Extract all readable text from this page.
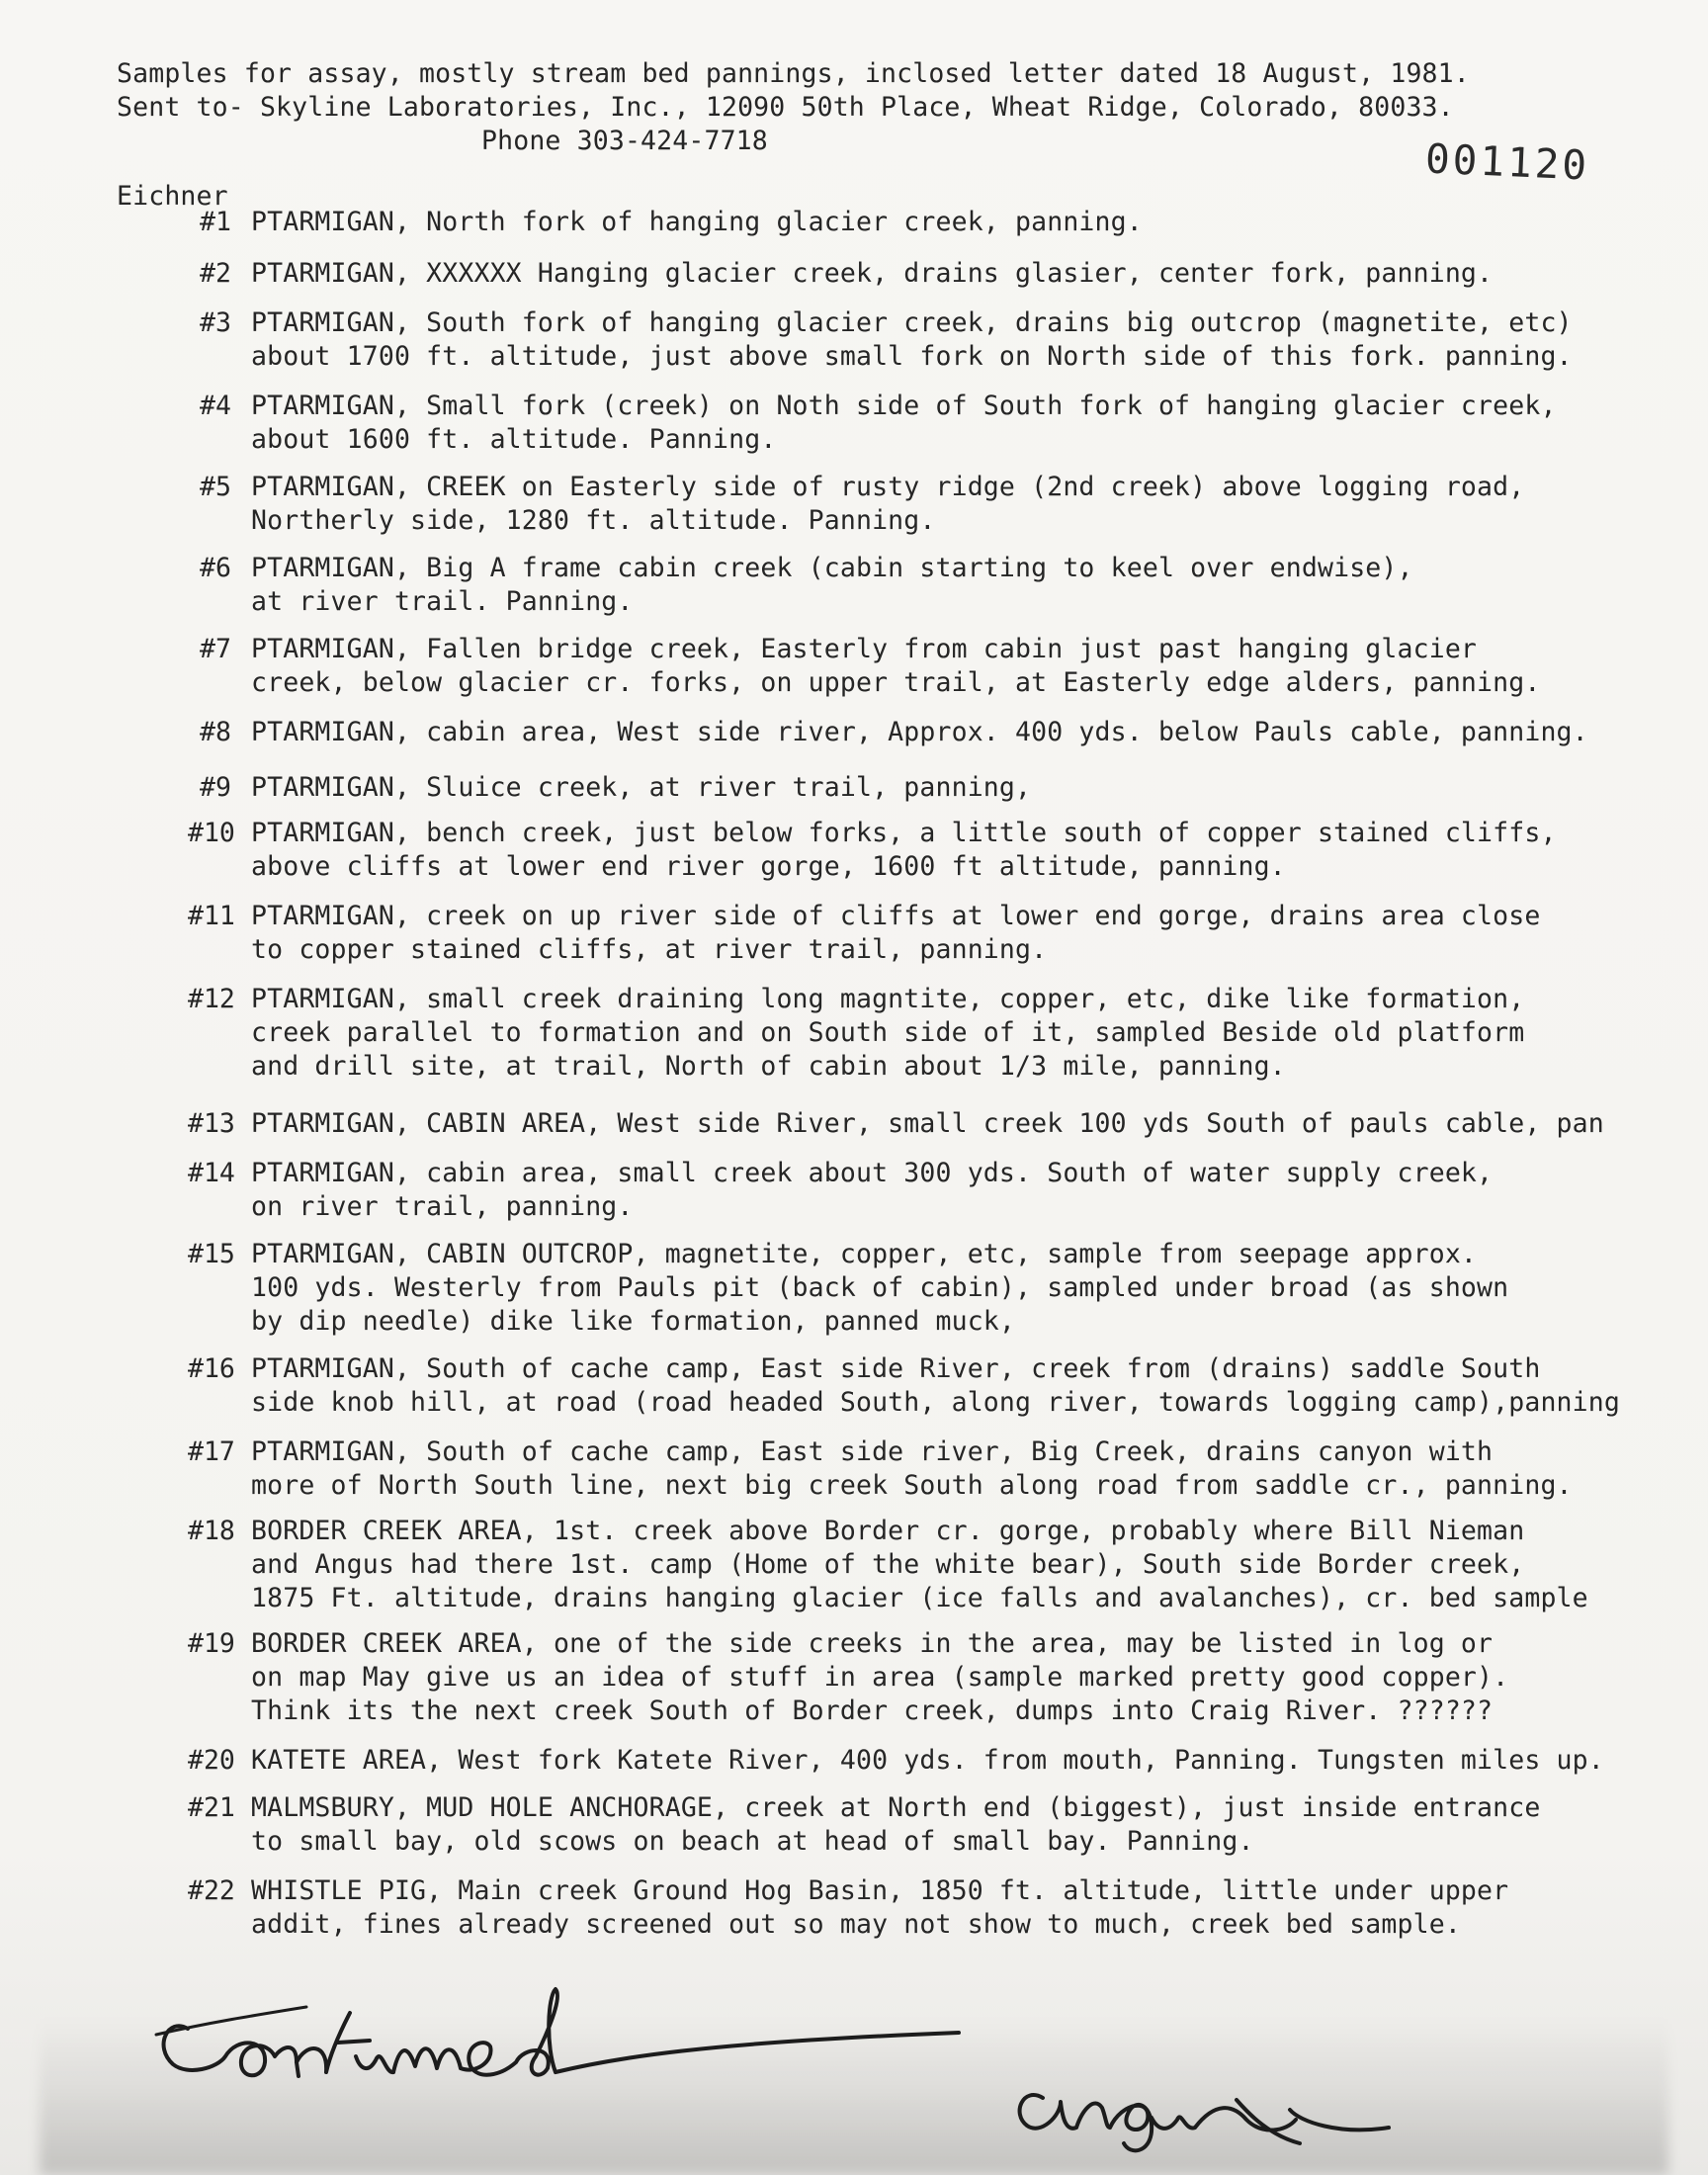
Samples for assay, mostly stream bed pannings, inclosed letter dated 18 August, 1981.
Sent to- Skyline Laboratories, Inc., 12090 50th Place, Wheat Ridge, Colorado, 80033.
Phone 303-424-7718	001120
Eichner
#1 PTARMIGAN, North fork of hanging glacier creek, panning.
#2 PTARMIGAN, XXXXXX Hanging glacier creek, drains glasier, center fork, panning.
#3 PTARMIGAN, South fork of hanging glacier creek, drains big outcrop (magnetite, etc)
about 1700 ft. altitude, just above small fork on North side of this fork. panning.
#4 PTARMIGAN, Small fork (creek) on Noth side of South fork of hanging glacier creek,
about 1600 ft. altitude. Panning.
#5 PTARMIGAN, CREEK on Easterly side of rusty ridge (2nd creek) above logging road,
Northerly side, 1280 ft. altitude. Panning.
#6 PTARMIGAN, Big A frame cabin creek (cabin starting to keel over endwise),
at river trail. Panning.
#7 PTARMIGAN, Fallen bridge creek, Easterly from cabin just past hanging glacier
creek, below glacier cr. forks, on upper trail, at Easterly edge alders, panning.
#8 PTARMIGAN, cabin area, West side river, Approx. 400 yds. below Pauls cable, panning.
#9 PTARMIGAN, Sluice creek, at river trail, panning,
#10 PTARMIGAN, bench creek, just below forks, a little south of copper stained cliffs,
above cliffs at lower end river gorge, 1600 ft altitude, panning.
#11 PTARMIGAN, creek on up river side of cliffs at lower end gorge, drains area close
to copper stained cliffs, at river trail, panning.
#12 PTARMIGAN, small creek draining long magntite, copper, etc, dike like formation,
creek parallel to formation and on South side of it, sampled Beside old platform
and drill site, at trail, North of cabin about 1/3 mile, panning.
#13 PTARMIGAN, CABIN AREA, West side River, small creek 100 yds South of pauls cable, pan
#14 PTARMIGAN, cabin area, small creek about 300 yds. South of water supply creek,
on river trail, panning.
#15 PTARMIGAN, CABIN OUTCROP, magnetite, copper, etc, sample from seepage approx.
100 yds. Westerly from Pauls pit (back of cabin), sampled under broad (as shown
by dip needle) dike like formation, panned muck,
#16 PTARMIGAN, South of cache camp, East side River, creek from (drains) saddle South
side knob hill, at road (road headed South, along river, towards logging camp),panning
#17 PTARMIGAN, South of cache camp, East side river, Big Creek, drains canyon with
more of North South line, next big creek South along road from saddle cr., panning.
#18 BORDER CREEK AREA, 1st. creek above Border cr. gorge, probably where Bill Nieman
and Angus had there 1st. camp (Home of the white bear), South side Border creek,
1875 Ft. altitude, drains hanging glacier (ice falls and avalanches), cr. bed sample
#19 BORDER CREEK AREA, one of the side creeks in the area, may be listed in log or
on map May give us an idea of stuff in area (sample marked pretty good copper).
Think its the next creek South of Border creek, dumps into Craig River. ??????
#20 KATETE AREA, West fork Katete River, 400 yds. from mouth, Panning. Tungsten miles up.
#21 MALMSBURY, MUD HOLE ANCHORAGE, creek at North end (biggest), just inside entrance
to small bay, old scows on beach at head of small bay. Panning.
#22 WHISTLE PIG, Main creek Ground Hog Basin, 1850 ft. altitude, little under upper
addit, fines already screened out so may not show to much, creek bed sample.
